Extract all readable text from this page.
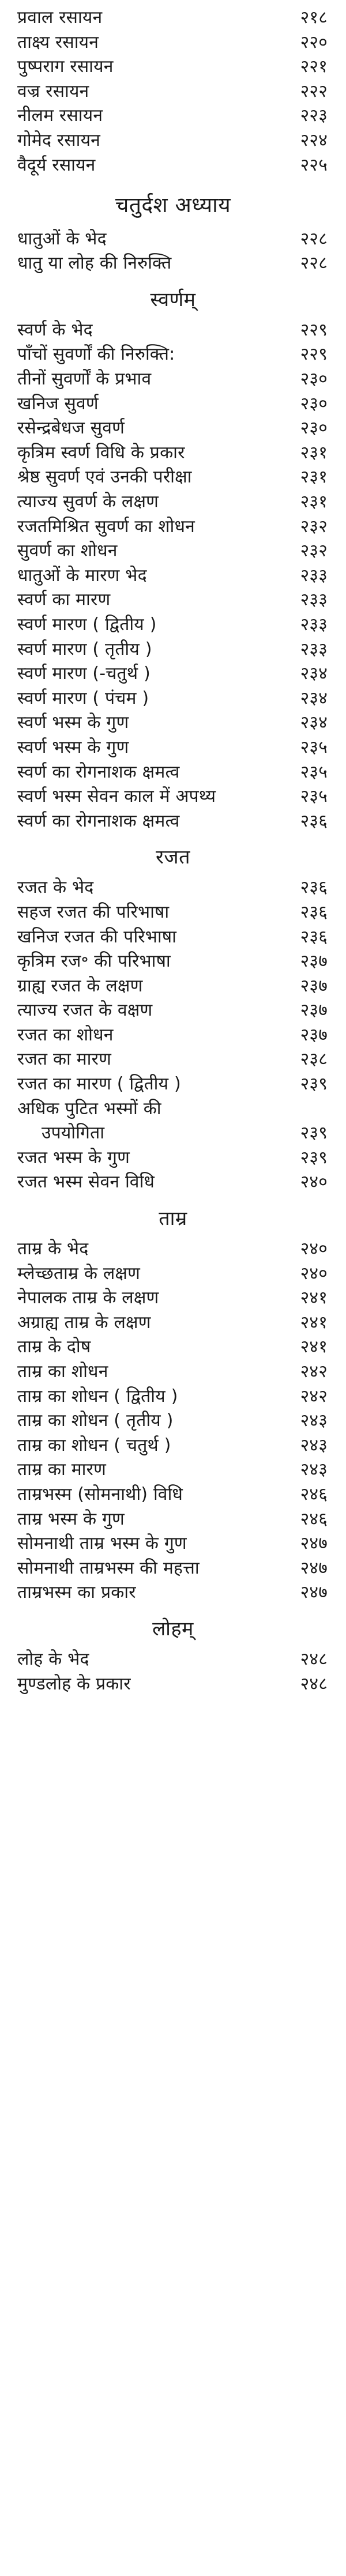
प्रवाल रसायन	२१८
ताक्ष्य रसायन	२२०
पुष्पराग रसायन	२२१
वज्र रसायन	२२२
नीलम रसायन	२२३
गोमेद रसायन	२२४
वैदूर्य रसायन	२२५
चतुर्दश अध्याय
धातुओं के भेद	२२८
धातु या लोह की निरुक्ति	२२८
स्वर्णम्
स्वर्ण के भेद	२२९
पाँचों सुवर्णों की निरुक्ति:	२२९
तीनों सुवर्णों के प्रभाव	२३०
खनिज सुवर्ण	२३०
रसेन्द्रबेधज सुवर्ण	२३०
कृत्रिम स्वर्ण विधि के प्रकार	२३१
श्रेष्ठ सुवर्ण एवं उनकी परीक्षा	२३१
त्याज्य सुवर्ण के लक्षण	२३१
रजतमिश्रित सुवर्ण का शोधन	२३२
सुवर्ण का शोधन	२३२
धातुओं के मारण भेद	२३३
स्वर्ण का मारण	२३३
स्वर्ण मारण ( द्वितीय )	२३३
स्वर्ण मारण ( तृतीय )	२३३
स्वर्ण मारण (-चतुर्थ )	२३४
स्वर्ण मारण ( पंचम )	२३४
स्वर्ण भस्म के गुण	२३४
स्वर्ण भस्म के गुण	२३५
स्वर्ण का रोगनाशक क्षमत्व	२३५
स्वर्ण भस्म सेवन काल में अपथ्य	२३५
स्वर्ण का रोगनाशक क्षमत्व	२३६
रजत
रजत के भेद	२३६
सहज रजत की परिभाषा	२३६
खनिज रजत की परिभाषा	२३६
कृत्रिम रज॰ की परिभाषा	२३७
ग्राह्य रजत के लक्षण	२३७
त्याज्य रजत के वक्षण	२३७
रजत का शोधन	२३७
रजत का मारण	२३८
रजत का मारण ( द्वितीय )	२३९
अधिक पुटित भस्मों की
उपयोगिता	२३९
रजत भस्म के गुण	२३९
रजत भस्म सेवन विधि	२४०
ताम्र
ताम्र के भेद	२४०
म्लेच्छताम्र के लक्षण	२४०
नेपालक ताम्र के लक्षण	२४१
अग्राह्य ताम्र के लक्षण	२४१
ताम्र के दोष	२४१
ताम्र का शोधन	२४२
ताम्र का शोधन ( द्वितीय )	२४२
ताम्र का शोधन ( तृतीय )	२४३
ताम्र का शोधन ( चतुर्थ )	२४३
ताम्र का मारण	२४३
ताम्रभस्म (सोमनाथी) विधि	२४६
ताम्र भस्म के गुण	२४६
सोमनाथी ताम्र भस्म के गुण	२४७
सोमनाथी ताम्रभस्म की महत्ता	२४७
ताम्रभस्म का प्रकार	२४७
लोहम्
लोह के भेद	२४८
मुण्डलोह के प्रकार	२४८
